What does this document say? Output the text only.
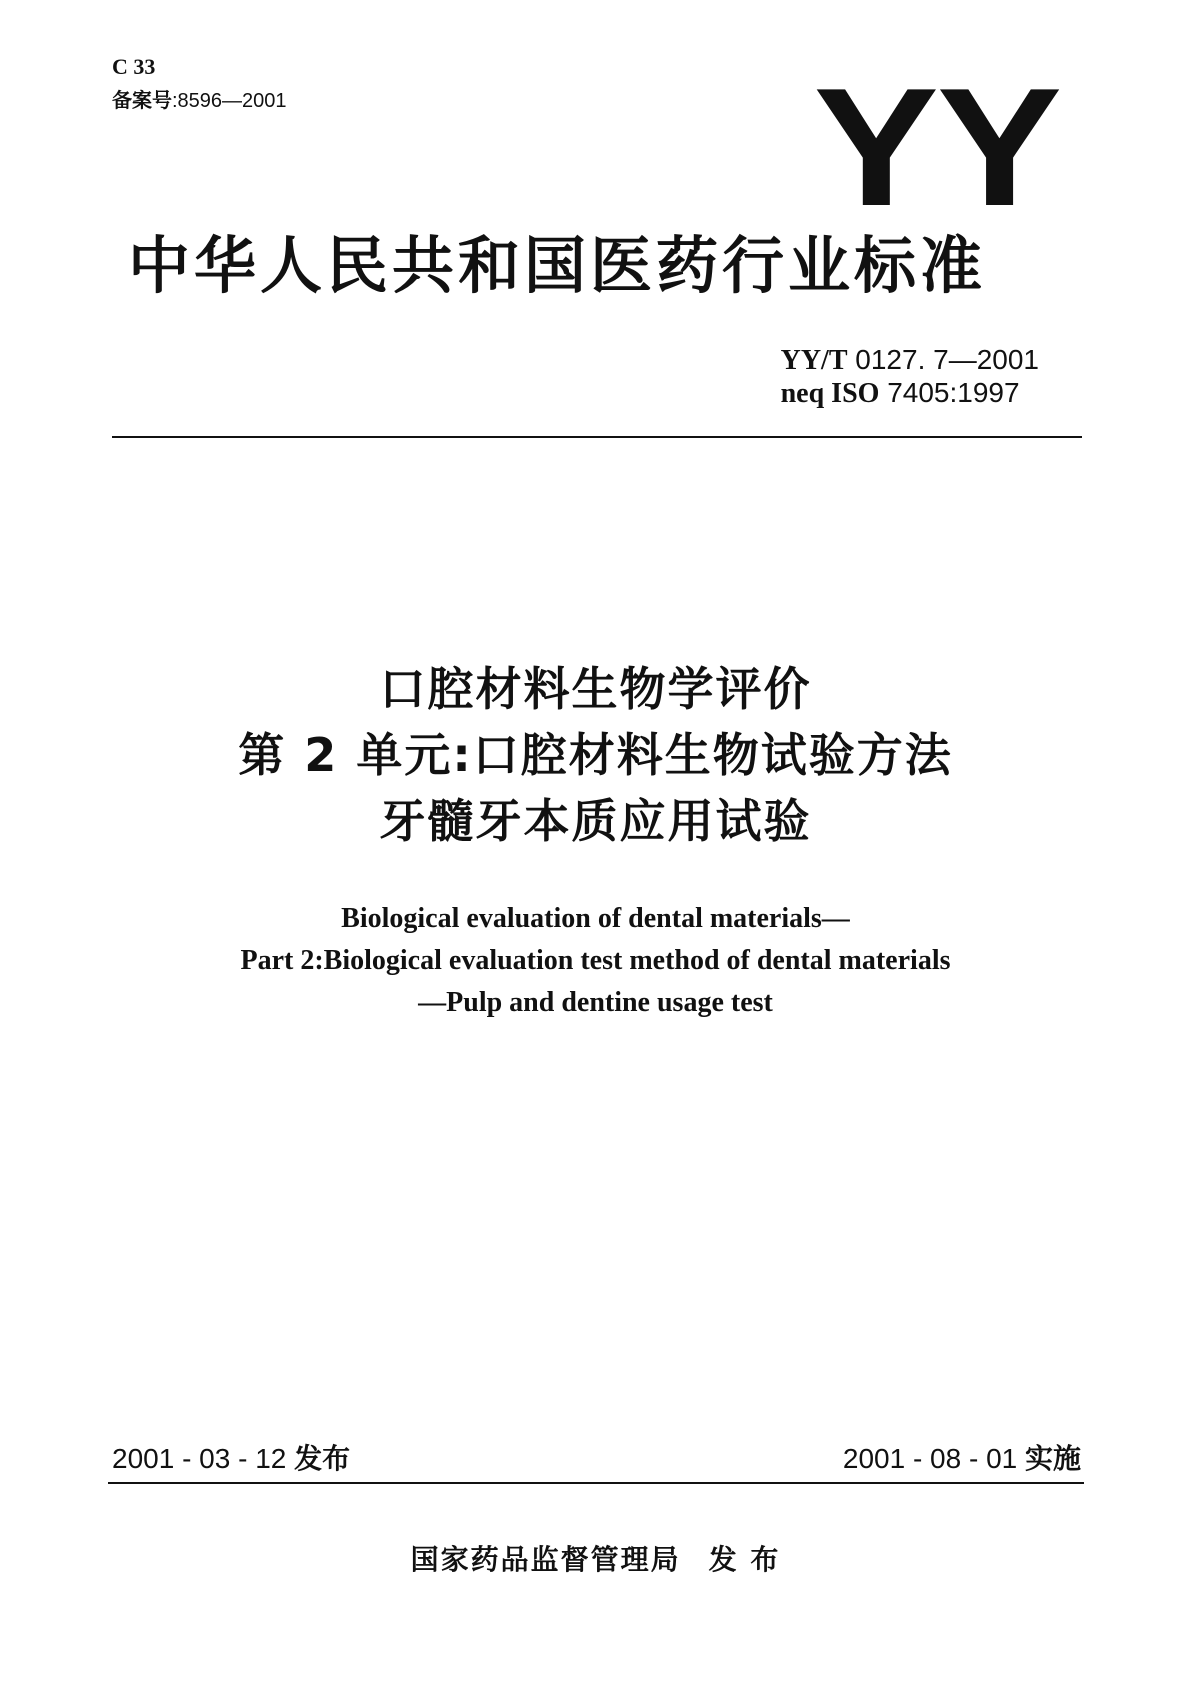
C 33
备案号:8596—2001	YY
中华人民共和国医药行业标准
YY/T 0127. 7—2001
neq ISO 7405:1997
口腔材料生物学评价
第 2 单元:口腔材料生物试验方法
牙髓牙本质应用试验
Biological evaluation of dental materials—
Part 2:Biological evaluation test method of dental materials
—Pulp and dentine usage test
2001 - 03 - 12 发布	2001 - 08 - 01 实施
国家药品监督管理局 发 布
